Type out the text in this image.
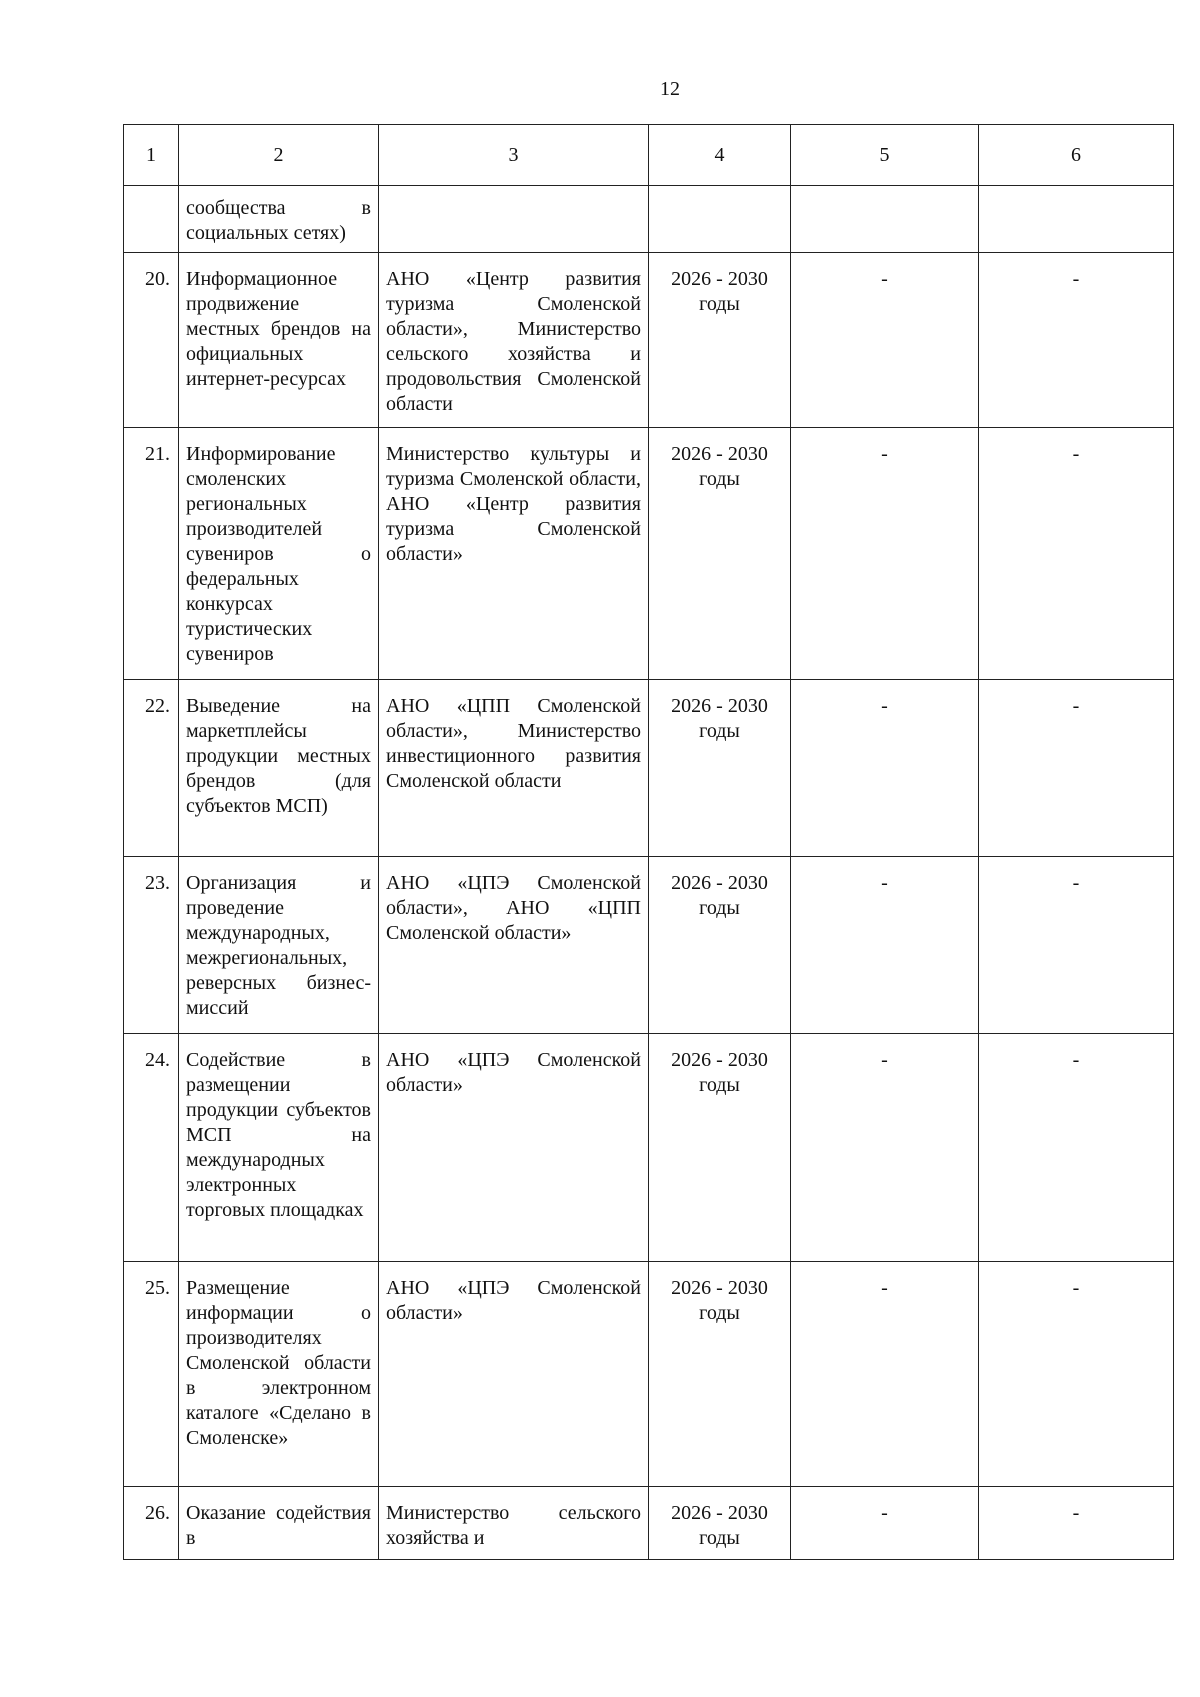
12
1	2	3	4	5	6
	сообщества в социальных сетях)				
20.	Информационное продвижение местных брендов на официальных интернет-ресурсах	АНО «Центр развития туризма Смоленской области», Министерство сельского хозяйства и продовольствия Смоленской области	2026 - 2030 годы	-	-
21.	Информирование смоленских региональных производителей сувениров о федеральных конкурсах туристических сувениров	Министерство культуры и туризма Смоленской области, АНО «Центр развития туризма Смоленской области»	2026 - 2030 годы	-	-
22.	Выведение на маркетплейсы продукции местных брендов (для субъектов МСП)	АНО «ЦПП Смоленской области», Министерство инвестиционного развития Смоленской области	2026 - 2030 годы	-	-
23.	Организация и проведение международных, межрегиональных, реверсных бизнес-миссий	АНО «ЦПЭ Смоленской области», АНО «ЦПП Смоленской области»	2026 - 2030 годы	-	-
24.	Содействие в размещении продукции субъектов МСП на международных электронных торговых площадках	АНО «ЦПЭ Смоленской области»	2026 - 2030 годы	-	-
25.	Размещение информации о производителях Смоленской области в электронном каталоге «Сделано в Смоленске»	АНО «ЦПЭ Смоленской области»	2026 - 2030 годы	-	-
26.	Оказание содействия в	Министерство сельского хозяйства и	2026 - 2030 годы	-	-
